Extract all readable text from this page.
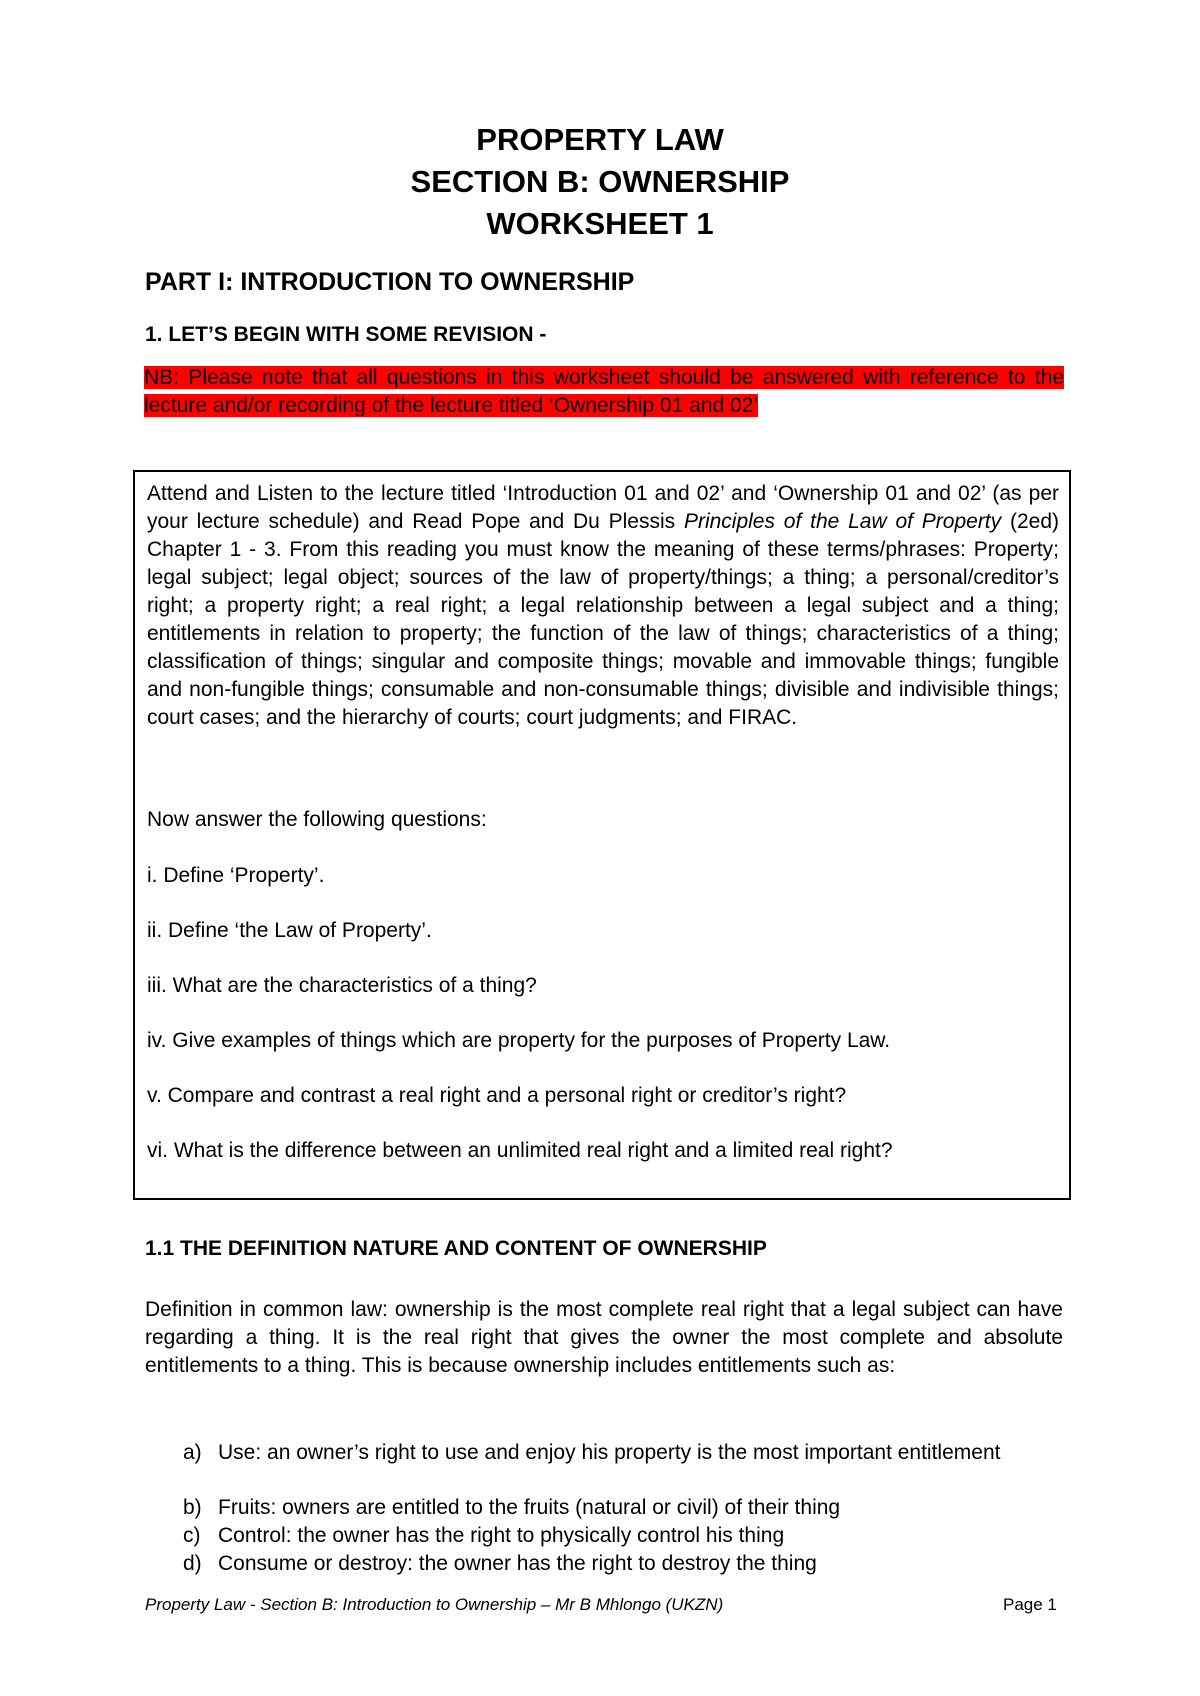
PROPERTY LAW
SECTION B: OWNERSHIP
WORKSHEET 1
PART I: INTRODUCTION TO OWNERSHIP
1. LET’S BEGIN WITH SOME REVISION -
NB: Please note that all questions in this worksheet should be answered with reference to the lecture and/or recording of the lecture titled ‘Ownership 01 and 02’
Attend and Listen to the lecture titled ‘Introduction 01 and 02’ and ‘Ownership 01 and 02’ (as per your lecture schedule) and Read Pope and Du Plessis Principles of the Law of Property (2ed) Chapter 1 - 3. From this reading you must know the meaning of these terms/phrases: Property; legal subject; legal object; sources of the law of property/things; a thing; a personal/creditor’s right; a property right; a real right; a legal relationship between a legal subject and a thing; entitlements in relation to property; the function of the law of things; characteristics of a thing; classification of things; singular and composite things; movable and immovable things; fungible and non-fungible things; consumable and non-consumable things; divisible and indivisible things; court cases; and the hierarchy of courts; court judgments; and FIRAC.
Now answer the following questions:
i. Define ‘Property’.
ii. Define ‘the Law of Property’.
iii. What are the characteristics of a thing?
iv. Give examples of things which are property for the purposes of Property Law.
v. Compare and contrast a real right and a personal right or creditor’s right?
vi. What is the difference between an unlimited real right and a limited real right?
1.1 THE DEFINITION NATURE AND CONTENT OF OWNERSHIP
Definition in common law: ownership is the most complete real right that a legal subject can have regarding a thing. It is the real right that gives the owner the most complete and absolute entitlements to a thing. This is because ownership includes entitlements such as:
a) Use: an owner’s right to use and enjoy his property is the most important entitlement
b) Fruits: owners are entitled to the fruits (natural or civil) of their thing
c) Control: the owner has the right to physically control his thing
d) Consume or destroy: the owner has the right to destroy the thing
Property Law - Section B: Introduction to Ownership – Mr B Mhlongo (UKZN)	Page 1
